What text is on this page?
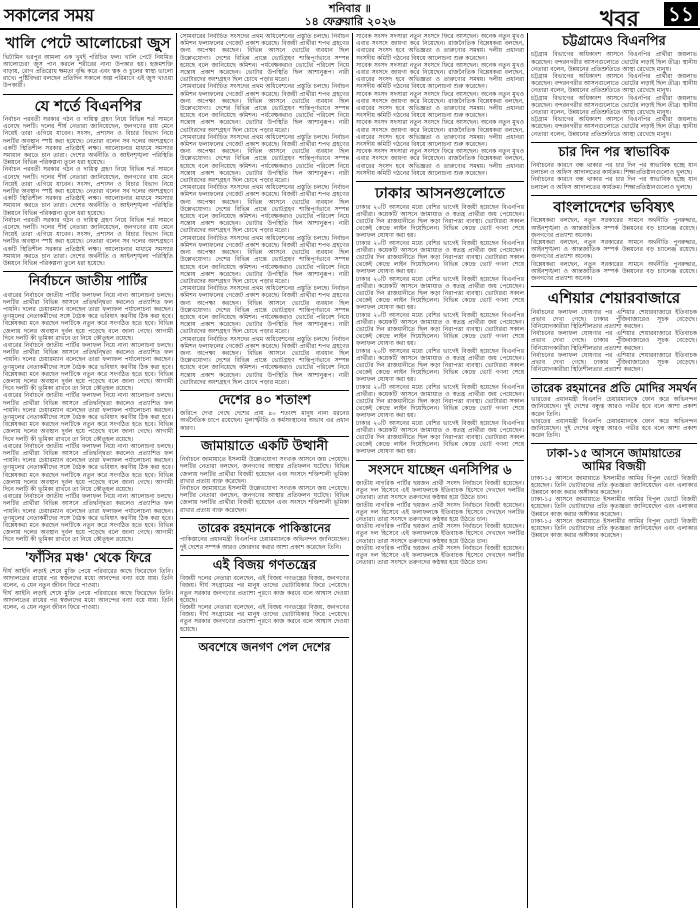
সকালের সময়	শনিবার ॥
১৪ ফেব্রুয়ারি ২০২৬	খবর ১১
খালি পেটে আলোচেরা জুস
ভিটামিন ভরপুর আমলা এক খুবই পরিচিত ফল। খালি পেটে নিয়মিত আলোচেরা জুস পান করলে শরীরের নানা উপকার হয়। হজমশক্তি বাড়ায়, রোগ প্রতিরোধ ক্ষমতা বৃদ্ধি করে এবং ত্বক ও চুলের স্বাস্থ্য ভালো রাখে। পুষ্টিবিদরা বলছেন প্রতিদিন সকালে অল্প পরিমাণে এই জুস খাওয়া উপকারী।
যে শর্তে বিএনপির
নির্বাচন পরবর্তী সরকার গঠন ও দায়িত্ব গ্রহণ নিয়ে বিভিন্ন শর্ত সামনে এনেছে দলটি। দলের শীর্ষ নেতারা জানিয়েছেন, জনগণের রায় মেনে নিয়েই তারা এগিয়ে যাবেন। সংসদ, প্রশাসন ও বিচার বিভাগ নিয়ে দলটির অবস্থান স্পষ্ট করা হয়েছে। নেতারা বলেন সব দলের অংশগ্রহণে একটি স্থিতিশীল সরকার প্রতিষ্ঠাই লক্ষ্য। আলোচনার মাধ্যমে সমস্যার সমাধান করতে চান তারা। দেশের অর্থনীতি ও আইনশৃঙ্খলা পরিস্থিতি উন্নয়নে বিভিন্ন পরিকল্পনা তুলে ধরা হয়েছে।
নির্বাচন পরবর্তী সরকার গঠন ও দায়িত্ব গ্রহণ নিয়ে বিভিন্ন শর্ত সামনে এনেছে দলটি। দলের শীর্ষ নেতারা জানিয়েছেন, জনগণের রায় মেনে নিয়েই তারা এগিয়ে যাবেন। সংসদ, প্রশাসন ও বিচার বিভাগ নিয়ে দলটির অবস্থান স্পষ্ট করা হয়েছে। নেতারা বলেন সব দলের অংশগ্রহণে একটি স্থিতিশীল সরকার প্রতিষ্ঠাই লক্ষ্য। আলোচনার মাধ্যমে সমস্যার সমাধান করতে চান তারা। দেশের অর্থনীতি ও আইনশৃঙ্খলা পরিস্থিতি উন্নয়নে বিভিন্ন পরিকল্পনা তুলে ধরা হয়েছে।
নির্বাচন পরবর্তী সরকার গঠন ও দায়িত্ব গ্রহণ নিয়ে বিভিন্ন শর্ত সামনে এনেছে দলটি। দলের শীর্ষ নেতারা জানিয়েছেন, জনগণের রায় মেনে নিয়েই তারা এগিয়ে যাবেন। সংসদ, প্রশাসন ও বিচার বিভাগ নিয়ে দলটির অবস্থান স্পষ্ট করা হয়েছে। নেতারা বলেন সব দলের অংশগ্রহণে একটি স্থিতিশীল সরকার প্রতিষ্ঠাই লক্ষ্য। আলোচনার মাধ্যমে সমস্যার সমাধান করতে চান তারা। দেশের অর্থনীতি ও আইনশৃঙ্খলা পরিস্থিতি উন্নয়নে বিভিন্ন পরিকল্পনা তুলে ধরা হয়েছে।
নির্বাচনে জাতীয় পার্টির
এবারের নির্বাচনে জাতীয় পার্টির ফলাফল নিয়ে নানা আলোচনা চলছে। দলটির প্রার্থীরা বিভিন্ন আসনে প্রতিদ্বন্দ্বিতা করলেও প্রত্যাশিত ফল পায়নি। দলের চেয়ারম্যান বলেছেন তারা ফলাফল পর্যালোচনা করছেন। তৃণমূলের নেতাকর্মীদের সঙ্গে বৈঠক করে ভবিষ্যৎ করণীয় ঠিক করা হবে। বিশ্লেষকরা মনে করছেন দলটিকে নতুন করে সংগঠিত হতে হবে। বিভিন্ন জেলায় দলের অবস্থান দুর্বল হয়ে পড়েছে বলে জানা গেছে। আগামী দিনে দলটি কী ভূমিকা রাখবে তা নিয়ে কৌতূহল রয়েছে।
এবারের নির্বাচনে জাতীয় পার্টির ফলাফল নিয়ে নানা আলোচনা চলছে। দলটির প্রার্থীরা বিভিন্ন আসনে প্রতিদ্বন্দ্বিতা করলেও প্রত্যাশিত ফল পায়নি। দলের চেয়ারম্যান বলেছেন তারা ফলাফল পর্যালোচনা করছেন। তৃণমূলের নেতাকর্মীদের সঙ্গে বৈঠক করে ভবিষ্যৎ করণীয় ঠিক করা হবে। বিশ্লেষকরা মনে করছেন দলটিকে নতুন করে সংগঠিত হতে হবে। বিভিন্ন জেলায় দলের অবস্থান দুর্বল হয়ে পড়েছে বলে জানা গেছে। আগামী দিনে দলটি কী ভূমিকা রাখবে তা নিয়ে কৌতূহল রয়েছে।
এবারের নির্বাচনে জাতীয় পার্টির ফলাফল নিয়ে নানা আলোচনা চলছে। দলটির প্রার্থীরা বিভিন্ন আসনে প্রতিদ্বন্দ্বিতা করলেও প্রত্যাশিত ফল পায়নি। দলের চেয়ারম্যান বলেছেন তারা ফলাফল পর্যালোচনা করছেন। তৃণমূলের নেতাকর্মীদের সঙ্গে বৈঠক করে ভবিষ্যৎ করণীয় ঠিক করা হবে। বিশ্লেষকরা মনে করছেন দলটিকে নতুন করে সংগঠিত হতে হবে। বিভিন্ন জেলায় দলের অবস্থান দুর্বল হয়ে পড়েছে বলে জানা গেছে। আগামী দিনে দলটি কী ভূমিকা রাখবে তা নিয়ে কৌতূহল রয়েছে।
এবারের নির্বাচনে জাতীয় পার্টির ফলাফল নিয়ে নানা আলোচনা চলছে। দলটির প্রার্থীরা বিভিন্ন আসনে প্রতিদ্বন্দ্বিতা করলেও প্রত্যাশিত ফল পায়নি। দলের চেয়ারম্যান বলেছেন তারা ফলাফল পর্যালোচনা করছেন। তৃণমূলের নেতাকর্মীদের সঙ্গে বৈঠক করে ভবিষ্যৎ করণীয় ঠিক করা হবে। বিশ্লেষকরা মনে করছেন দলটিকে নতুন করে সংগঠিত হতে হবে। বিভিন্ন জেলায় দলের অবস্থান দুর্বল হয়ে পড়েছে বলে জানা গেছে। আগামী দিনে দলটি কী ভূমিকা রাখবে তা নিয়ে কৌতূহল রয়েছে।
এবারের নির্বাচনে জাতীয় পার্টির ফলাফল নিয়ে নানা আলোচনা চলছে। দলটির প্রার্থীরা বিভিন্ন আসনে প্রতিদ্বন্দ্বিতা করলেও প্রত্যাশিত ফল পায়নি। দলের চেয়ারম্যান বলেছেন তারা ফলাফল পর্যালোচনা করছেন। তৃণমূলের নেতাকর্মীদের সঙ্গে বৈঠক করে ভবিষ্যৎ করণীয় ঠিক করা হবে। বিশ্লেষকরা মনে করছেন দলটিকে নতুন করে সংগঠিত হতে হবে। বিভিন্ন জেলায় দলের অবস্থান দুর্বল হয়ে পড়েছে বলে জানা গেছে। আগামী দিনে দলটি কী ভূমিকা রাখবে তা নিয়ে কৌতূহল রয়েছে।
'ফাঁসির মঞ্চ' থেকে ফিরে
দীর্ঘ আইনি লড়াই শেষে মুক্তি পেয়ে পরিবারের কাছে ফিরেছেন তিনি। আদালতের রায়ের পর স্বজনদের মধ্যে আনন্দের বন্যা বয়ে যায়। তিনি বলেন, এ যেন নতুন জীবন ফিরে পাওয়া।
দীর্ঘ আইনি লড়াই শেষে মুক্তি পেয়ে পরিবারের কাছে ফিরেছেন তিনি। আদালতের রায়ের পর স্বজনদের মধ্যে আনন্দের বন্যা বয়ে যায়। তিনি বলেন, এ যেন নতুন জীবন ফিরে পাওয়া।
সোমবারের নির্বাচিত সংসদের প্রথম অধিবেশনের প্রস্তুতি চলছে। নির্বাচন কমিশন ফলাফলের গেজেট প্রকাশ করেছে। বিজয়ী প্রার্থীরা শপথ গ্রহণের জন্য অপেক্ষা করছেন। বিভিন্ন আসনে ভোটের ব্যবধান ছিল উল্লেখযোগ্য। দেশের বিভিন্ন প্রান্তে ভোটগ্রহণ শান্তিপূর্ণভাবে সম্পন্ন হয়েছে বলে জানিয়েছে কমিশন। পর্যবেক্ষকরাও ভোটের পরিবেশ নিয়ে সন্তোষ প্রকাশ করেছেন। ভোটার উপস্থিতি ছিল আশানুরূপ। নারী ভোটারদের অংশগ্রহণ ছিল চোখে পড়ার মতো।
সোমবারের নির্বাচিত সংসদের প্রথম অধিবেশনের প্রস্তুতি চলছে। নির্বাচন কমিশন ফলাফলের গেজেট প্রকাশ করেছে। বিজয়ী প্রার্থীরা শপথ গ্রহণের জন্য অপেক্ষা করছেন। বিভিন্ন আসনে ভোটের ব্যবধান ছিল উল্লেখযোগ্য। দেশের বিভিন্ন প্রান্তে ভোটগ্রহণ শান্তিপূর্ণভাবে সম্পন্ন হয়েছে বলে জানিয়েছে কমিশন। পর্যবেক্ষকরাও ভোটের পরিবেশ নিয়ে সন্তোষ প্রকাশ করেছেন। ভোটার উপস্থিতি ছিল আশানুরূপ। নারী ভোটারদের অংশগ্রহণ ছিল চোখে পড়ার মতো।
সোমবারের নির্বাচিত সংসদের প্রথম অধিবেশনের প্রস্তুতি চলছে। নির্বাচন কমিশন ফলাফলের গেজেট প্রকাশ করেছে। বিজয়ী প্রার্থীরা শপথ গ্রহণের জন্য অপেক্ষা করছেন। বিভিন্ন আসনে ভোটের ব্যবধান ছিল উল্লেখযোগ্য। দেশের বিভিন্ন প্রান্তে ভোটগ্রহণ শান্তিপূর্ণভাবে সম্পন্ন হয়েছে বলে জানিয়েছে কমিশন। পর্যবেক্ষকরাও ভোটের পরিবেশ নিয়ে সন্তোষ প্রকাশ করেছেন। ভোটার উপস্থিতি ছিল আশানুরূপ। নারী ভোটারদের অংশগ্রহণ ছিল চোখে পড়ার মতো।
সোমবারের নির্বাচিত সংসদের প্রথম অধিবেশনের প্রস্তুতি চলছে। নির্বাচন কমিশন ফলাফলের গেজেট প্রকাশ করেছে। বিজয়ী প্রার্থীরা শপথ গ্রহণের জন্য অপেক্ষা করছেন। বিভিন্ন আসনে ভোটের ব্যবধান ছিল উল্লেখযোগ্য। দেশের বিভিন্ন প্রান্তে ভোটগ্রহণ শান্তিপূর্ণভাবে সম্পন্ন হয়েছে বলে জানিয়েছে কমিশন। পর্যবেক্ষকরাও ভোটের পরিবেশ নিয়ে সন্তোষ প্রকাশ করেছেন। ভোটার উপস্থিতি ছিল আশানুরূপ। নারী ভোটারদের অংশগ্রহণ ছিল চোখে পড়ার মতো।
সোমবারের নির্বাচিত সংসদের প্রথম অধিবেশনের প্রস্তুতি চলছে। নির্বাচন কমিশন ফলাফলের গেজেট প্রকাশ করেছে। বিজয়ী প্রার্থীরা শপথ গ্রহণের জন্য অপেক্ষা করছেন। বিভিন্ন আসনে ভোটের ব্যবধান ছিল উল্লেখযোগ্য। দেশের বিভিন্ন প্রান্তে ভোটগ্রহণ শান্তিপূর্ণভাবে সম্পন্ন হয়েছে বলে জানিয়েছে কমিশন। পর্যবেক্ষকরাও ভোটের পরিবেশ নিয়ে সন্তোষ প্রকাশ করেছেন। ভোটার উপস্থিতি ছিল আশানুরূপ। নারী ভোটারদের অংশগ্রহণ ছিল চোখে পড়ার মতো।
সোমবারের নির্বাচিত সংসদের প্রথম অধিবেশনের প্রস্তুতি চলছে। নির্বাচন কমিশন ফলাফলের গেজেট প্রকাশ করেছে। বিজয়ী প্রার্থীরা শপথ গ্রহণের জন্য অপেক্ষা করছেন। বিভিন্ন আসনে ভোটের ব্যবধান ছিল উল্লেখযোগ্য। দেশের বিভিন্ন প্রান্তে ভোটগ্রহণ শান্তিপূর্ণভাবে সম্পন্ন হয়েছে বলে জানিয়েছে কমিশন। পর্যবেক্ষকরাও ভোটের পরিবেশ নিয়ে সন্তোষ প্রকাশ করেছেন। ভোটার উপস্থিতি ছিল আশানুরূপ। নারী ভোটারদের অংশগ্রহণ ছিল চোখে পড়ার মতো।
সোমবারের নির্বাচিত সংসদের প্রথম অধিবেশনের প্রস্তুতি চলছে। নির্বাচন কমিশন ফলাফলের গেজেট প্রকাশ করেছে। বিজয়ী প্রার্থীরা শপথ গ্রহণের জন্য অপেক্ষা করছেন। বিভিন্ন আসনে ভোটের ব্যবধান ছিল উল্লেখযোগ্য। দেশের বিভিন্ন প্রান্তে ভোটগ্রহণ শান্তিপূর্ণভাবে সম্পন্ন হয়েছে বলে জানিয়েছে কমিশন। পর্যবেক্ষকরাও ভোটের পরিবেশ নিয়ে সন্তোষ প্রকাশ করেছেন। ভোটার উপস্থিতি ছিল আশানুরূপ। নারী ভোটারদের অংশগ্রহণ ছিল চোখে পড়ার মতো।
দেশের ৪০ শতাংশ
জরিপে দেখা গেছে দেশের প্রায় ৪০ শতাংশ মানুষ নানা ধরনের অর্থনৈতিক চাপে রয়েছেন। মূল্যস্ফীতি ও কর্মসংস্থানের অভাব এর প্রধান কারণ।
জামায়াতে একটি উত্থানী
নির্বাচনে জামায়াতে ইসলামী উল্লেখযোগ্য সংখ্যক আসনে জয় পেয়েছে। দলটির নেতারা বলছেন, জনগণের আস্থার প্রতিফলন ঘটেছে। বিভিন্ন জেলায় দলটির প্রার্থীরা বিজয়ী হয়েছেন এবং সংসদে শক্তিশালী ভূমিকা রাখার প্রত্যয় ব্যক্ত করেছেন।
নির্বাচনে জামায়াতে ইসলামী উল্লেখযোগ্য সংখ্যক আসনে জয় পেয়েছে। দলটির নেতারা বলছেন, জনগণের আস্থার প্রতিফলন ঘটেছে। বিভিন্ন জেলায় দলটির প্রার্থীরা বিজয়ী হয়েছেন এবং সংসদে শক্তিশালী ভূমিকা রাখার প্রত্যয় ব্যক্ত করেছেন।
তারেক রহমানকে পাকিস্তানের
পাকিস্তানের প্রধানমন্ত্রী বিএনপির চেয়ারম্যানকে অভিনন্দন জানিয়েছেন। দুই দেশের সম্পর্ক আরও জোরদার করার আশা প্রকাশ করেছেন তিনি।
এই বিজয় গণতন্ত্রের
বিজয়ী দলের নেতারা বলেছেন, এই বিজয় গণতন্ত্রের বিজয়, জনগণের বিজয়। দীর্ঘ সংগ্রামের পর মানুষ তাদের ভোটাধিকার ফিরে পেয়েছে। নতুন সরকার জনগণের প্রত্যাশা পূরণে কাজ করবে বলে আশ্বাস দেওয়া হয়েছে।
বিজয়ী দলের নেতারা বলেছেন, এই বিজয় গণতন্ত্রের বিজয়, জনগণের বিজয়। দীর্ঘ সংগ্রামের পর মানুষ তাদের ভোটাধিকার ফিরে পেয়েছে। নতুন সরকার জনগণের প্রত্যাশা পূরণে কাজ করবে বলে আশ্বাস দেওয়া হয়েছে।
অবশেষে জনগণ পেল দেশের
সাবেক সংসদ সদস্যরা নতুন সংসদে ফিরে আসছেন। অনেক নতুন মুখও এবার সংসদে জায়গা করে নিয়েছেন। রাজনৈতিক বিশ্লেষকরা বলছেন, এবারের সংসদ হবে অভিজ্ঞতা ও তারুণ্যের সমন্বয়। দলীয় প্রধানরা সংসদীয় কমিটি গঠনের বিষয়ে আলোচনা শুরু করেছেন।
সাবেক সংসদ সদস্যরা নতুন সংসদে ফিরে আসছেন। অনেক নতুন মুখও এবার সংসদে জায়গা করে নিয়েছেন। রাজনৈতিক বিশ্লেষকরা বলছেন, এবারের সংসদ হবে অভিজ্ঞতা ও তারুণ্যের সমন্বয়। দলীয় প্রধানরা সংসদীয় কমিটি গঠনের বিষয়ে আলোচনা শুরু করেছেন।
সাবেক সংসদ সদস্যরা নতুন সংসদে ফিরে আসছেন। অনেক নতুন মুখও এবার সংসদে জায়গা করে নিয়েছেন। রাজনৈতিক বিশ্লেষকরা বলছেন, এবারের সংসদ হবে অভিজ্ঞতা ও তারুণ্যের সমন্বয়। দলীয় প্রধানরা সংসদীয় কমিটি গঠনের বিষয়ে আলোচনা শুরু করেছেন।
সাবেক সংসদ সদস্যরা নতুন সংসদে ফিরে আসছেন। অনেক নতুন মুখও এবার সংসদে জায়গা করে নিয়েছেন। রাজনৈতিক বিশ্লেষকরা বলছেন, এবারের সংসদ হবে অভিজ্ঞতা ও তারুণ্যের সমন্বয়। দলীয় প্রধানরা সংসদীয় কমিটি গঠনের বিষয়ে আলোচনা শুরু করেছেন।
সাবেক সংসদ সদস্যরা নতুন সংসদে ফিরে আসছেন। অনেক নতুন মুখও এবার সংসদে জায়গা করে নিয়েছেন। রাজনৈতিক বিশ্লেষকরা বলছেন, এবারের সংসদ হবে অভিজ্ঞতা ও তারুণ্যের সমন্বয়। দলীয় প্রধানরা সংসদীয় কমিটি গঠনের বিষয়ে আলোচনা শুরু করেছেন।
ঢাকার আসনগুলোতে
ঢাকার ২০টি আসনের মধ্যে বেশির ভাগেই বিজয়ী হয়েছেন বিএনপির প্রার্থীরা। কয়েকটি আসনে জামায়াত ও স্বতন্ত্র প্রার্থীরা জয় পেয়েছেন। ভোটের দিন রাজধানীতে ছিল কড়া নিরাপত্তা ব্যবস্থা। ভোটাররা সকাল থেকেই কেন্দ্রে লাইন দিয়েছিলেন। বিভিন্ন কেন্দ্রে ভোট গণনা শেষে ফলাফল ঘোষণা করা হয়।
ঢাকার ২০টি আসনের মধ্যে বেশির ভাগেই বিজয়ী হয়েছেন বিএনপির প্রার্থীরা। কয়েকটি আসনে জামায়াত ও স্বতন্ত্র প্রার্থীরা জয় পেয়েছেন। ভোটের দিন রাজধানীতে ছিল কড়া নিরাপত্তা ব্যবস্থা। ভোটাররা সকাল থেকেই কেন্দ্রে লাইন দিয়েছিলেন। বিভিন্ন কেন্দ্রে ভোট গণনা শেষে ফলাফল ঘোষণা করা হয়।
ঢাকার ২০টি আসনের মধ্যে বেশির ভাগেই বিজয়ী হয়েছেন বিএনপির প্রার্থীরা। কয়েকটি আসনে জামায়াত ও স্বতন্ত্র প্রার্থীরা জয় পেয়েছেন। ভোটের দিন রাজধানীতে ছিল কড়া নিরাপত্তা ব্যবস্থা। ভোটাররা সকাল থেকেই কেন্দ্রে লাইন দিয়েছিলেন। বিভিন্ন কেন্দ্রে ভোট গণনা শেষে ফলাফল ঘোষণা করা হয়।
ঢাকার ২০টি আসনের মধ্যে বেশির ভাগেই বিজয়ী হয়েছেন বিএনপির প্রার্থীরা। কয়েকটি আসনে জামায়াত ও স্বতন্ত্র প্রার্থীরা জয় পেয়েছেন। ভোটের দিন রাজধানীতে ছিল কড়া নিরাপত্তা ব্যবস্থা। ভোটাররা সকাল থেকেই কেন্দ্রে লাইন দিয়েছিলেন। বিভিন্ন কেন্দ্রে ভোট গণনা শেষে ফলাফল ঘোষণা করা হয়।
ঢাকার ২০টি আসনের মধ্যে বেশির ভাগেই বিজয়ী হয়েছেন বিএনপির প্রার্থীরা। কয়েকটি আসনে জামায়াত ও স্বতন্ত্র প্রার্থীরা জয় পেয়েছেন। ভোটের দিন রাজধানীতে ছিল কড়া নিরাপত্তা ব্যবস্থা। ভোটাররা সকাল থেকেই কেন্দ্রে লাইন দিয়েছিলেন। বিভিন্ন কেন্দ্রে ভোট গণনা শেষে ফলাফল ঘোষণা করা হয়।
ঢাকার ২০টি আসনের মধ্যে বেশির ভাগেই বিজয়ী হয়েছেন বিএনপির প্রার্থীরা। কয়েকটি আসনে জামায়াত ও স্বতন্ত্র প্রার্থীরা জয় পেয়েছেন। ভোটের দিন রাজধানীতে ছিল কড়া নিরাপত্তা ব্যবস্থা। ভোটাররা সকাল থেকেই কেন্দ্রে লাইন দিয়েছিলেন। বিভিন্ন কেন্দ্রে ভোট গণনা শেষে ফলাফল ঘোষণা করা হয়।
ঢাকার ২০টি আসনের মধ্যে বেশির ভাগেই বিজয়ী হয়েছেন বিএনপির প্রার্থীরা। কয়েকটি আসনে জামায়াত ও স্বতন্ত্র প্রার্থীরা জয় পেয়েছেন। ভোটের দিন রাজধানীতে ছিল কড়া নিরাপত্তা ব্যবস্থা। ভোটাররা সকাল থেকেই কেন্দ্রে লাইন দিয়েছিলেন। বিভিন্ন কেন্দ্রে ভোট গণনা শেষে ফলাফল ঘোষণা করা হয়।
সংসদে যাচ্ছেন এনসিপির ৬
জাতীয় নাগরিক পার্টির ছয়জন প্রার্থী সংসদ নির্বাচনে বিজয়ী হয়েছেন। নতুন দল হিসেবে এই ফলাফলকে ইতিবাচক হিসেবে দেখছেন দলটির নেতারা। তারা সংসদে তরুণদের কণ্ঠস্বর হয়ে উঠতে চান।
জাতীয় নাগরিক পার্টির ছয়জন প্রার্থী সংসদ নির্বাচনে বিজয়ী হয়েছেন। নতুন দল হিসেবে এই ফলাফলকে ইতিবাচক হিসেবে দেখছেন দলটির নেতারা। তারা সংসদে তরুণদের কণ্ঠস্বর হয়ে উঠতে চান।
জাতীয় নাগরিক পার্টির ছয়জন প্রার্থী সংসদ নির্বাচনে বিজয়ী হয়েছেন। নতুন দল হিসেবে এই ফলাফলকে ইতিবাচক হিসেবে দেখছেন দলটির নেতারা। তারা সংসদে তরুণদের কণ্ঠস্বর হয়ে উঠতে চান।
জাতীয় নাগরিক পার্টির ছয়জন প্রার্থী সংসদ নির্বাচনে বিজয়ী হয়েছেন। নতুন দল হিসেবে এই ফলাফলকে ইতিবাচক হিসেবে দেখছেন দলটির নেতারা। তারা সংসদে তরুণদের কণ্ঠস্বর হয়ে উঠতে চান।
চট্টগ্রামেও বিএনপির
চট্টগ্রাম বিভাগের অধিকাংশ আসনে বিএনপির প্রার্থীরা জয়লাভ করেছেন। বন্দরনগরীর আসনগুলোতে ভোটের লড়াই ছিল তীব্র। স্থানীয় নেতারা বলেন, উন্নয়নের প্রতিশ্রুতিতে আস্থা রেখেছে মানুষ।
চট্টগ্রাম বিভাগের অধিকাংশ আসনে বিএনপির প্রার্থীরা জয়লাভ করেছেন। বন্দরনগরীর আসনগুলোতে ভোটের লড়াই ছিল তীব্র। স্থানীয় নেতারা বলেন, উন্নয়নের প্রতিশ্রুতিতে আস্থা রেখেছে মানুষ।
চট্টগ্রাম বিভাগের অধিকাংশ আসনে বিএনপির প্রার্থীরা জয়লাভ করেছেন। বন্দরনগরীর আসনগুলোতে ভোটের লড়াই ছিল তীব্র। স্থানীয় নেতারা বলেন, উন্নয়নের প্রতিশ্রুতিতে আস্থা রেখেছে মানুষ।
চট্টগ্রাম বিভাগের অধিকাংশ আসনে বিএনপির প্রার্থীরা জয়লাভ করেছেন। বন্দরনগরীর আসনগুলোতে ভোটের লড়াই ছিল তীব্র। স্থানীয় নেতারা বলেন, উন্নয়নের প্রতিশ্রুতিতে আস্থা রেখেছে মানুষ।
চার দিন পর স্বাভাবিক
নির্বাচনের কারণে বন্ধ থাকার পর চার দিন পর স্বাভাবিক হচ্ছে যান চলাচল ও অফিস আদালতের কার্যক্রম। শিক্ষাপ্রতিষ্ঠানগুলোও খুলছে।
নির্বাচনের কারণে বন্ধ থাকার পর চার দিন পর স্বাভাবিক হচ্ছে যান চলাচল ও অফিস আদালতের কার্যক্রম। শিক্ষাপ্রতিষ্ঠানগুলোও খুলছে।
বাংলাদেশের ভবিষ্যৎ
বিশ্লেষকরা বলছেন, নতুন সরকারের সামনে অর্থনীতি পুনরুদ্ধার, আইনশৃঙ্খলা ও আন্তর্জাতিক সম্পর্ক উন্নয়নের বড় চ্যালেঞ্জ রয়েছে। জনগণের প্রত্যাশা অনেক।
বিশ্লেষকরা বলছেন, নতুন সরকারের সামনে অর্থনীতি পুনরুদ্ধার, আইনশৃঙ্খলা ও আন্তর্জাতিক সম্পর্ক উন্নয়নের বড় চ্যালেঞ্জ রয়েছে। জনগণের প্রত্যাশা অনেক।
বিশ্লেষকরা বলছেন, নতুন সরকারের সামনে অর্থনীতি পুনরুদ্ধার, আইনশৃঙ্খলা ও আন্তর্জাতিক সম্পর্ক উন্নয়নের বড় চ্যালেঞ্জ রয়েছে। জনগণের প্রত্যাশা অনেক।
এশিয়ার শেয়ারবাজারে
নির্বাচনের ফলাফল ঘোষণার পর এশিয়ার শেয়ারবাজারে ইতিবাচক প্রভাব দেখা গেছে। ঢাকার পুঁজিবাজারেও সূচক বেড়েছে। বিনিয়োগকারীরা স্থিতিশীলতার প্রত্যাশা করছেন।
নির্বাচনের ফলাফল ঘোষণার পর এশিয়ার শেয়ারবাজারে ইতিবাচক প্রভাব দেখা গেছে। ঢাকার পুঁজিবাজারেও সূচক বেড়েছে। বিনিয়োগকারীরা স্থিতিশীলতার প্রত্যাশা করছেন।
নির্বাচনের ফলাফল ঘোষণার পর এশিয়ার শেয়ারবাজারে ইতিবাচক প্রভাব দেখা গেছে। ঢাকার পুঁজিবাজারেও সূচক বেড়েছে। বিনিয়োগকারীরা স্থিতিশীলতার প্রত্যাশা করছেন।
তারেক রহমানের প্রতি মোদির সমর্থন
ভারতের প্রধানমন্ত্রী বিএনপি চেয়ারম্যানকে ফোন করে অভিনন্দন জানিয়েছেন। দুই দেশের বন্ধুত্ব আরও গভীর হবে বলে আশা প্রকাশ করেন তিনি।
ভারতের প্রধানমন্ত্রী বিএনপি চেয়ারম্যানকে ফোন করে অভিনন্দন জানিয়েছেন। দুই দেশের বন্ধুত্ব আরও গভীর হবে বলে আশা প্রকাশ করেন তিনি।
ঢাকা-১৫ আসনে জামায়াতের আমির বিজয়ী
ঢাকা-১৫ আসনে জামায়াতে ইসলামীর আমির বিপুল ভোটে বিজয়ী হয়েছেন। তিনি ভোটারদের প্রতি কৃতজ্ঞতা জানিয়েছেন এবং এলাকার উন্নয়নে কাজ করার অঙ্গীকার করেছেন।
ঢাকা-১৫ আসনে জামায়াতে ইসলামীর আমির বিপুল ভোটে বিজয়ী হয়েছেন। তিনি ভোটারদের প্রতি কৃতজ্ঞতা জানিয়েছেন এবং এলাকার উন্নয়নে কাজ করার অঙ্গীকার করেছেন।
ঢাকা-১৫ আসনে জামায়াতে ইসলামীর আমির বিপুল ভোটে বিজয়ী হয়েছেন। তিনি ভোটারদের প্রতি কৃতজ্ঞতা জানিয়েছেন এবং এলাকার উন্নয়নে কাজ করার অঙ্গীকার করেছেন।
